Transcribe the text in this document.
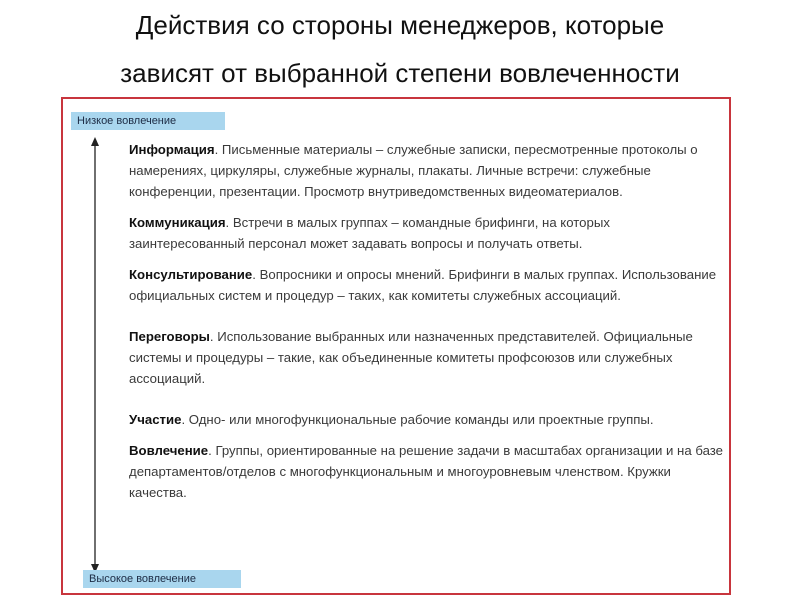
Действия со стороны менеджеров, которые
зависят от выбранной степени вовлеченности
Низкое вовлечение
Информация. Письменные материалы – служебные записки, пересмотренные протоколы о намерениях, циркуляры, служебные журналы, плакаты. Личные встречи: служебные конференции, презентации. Просмотр внутриведомственных видеоматериалов.
Коммуникация. Встречи в малых группах – командные брифинги, на которых заинтересованный персонал может задавать вопросы и получать ответы.
Консультирование. Вопросники и опросы мнений. Брифинги в малых группах. Использование официальных систем и процедур – таких, как комитеты служебных ассоциаций.
Переговоры. Использование выбранных или назначенных представителей. Официальные системы и процедуры – такие, как объединенные комитеты профсоюзов или служебных ассоциаций.
Участие. Одно- или многофункциональные рабочие команды или проектные группы.
Вовлечение. Группы, ориентированные на решение задачи в масштабах организации и на базе департаментов/отделов с многофункциональным и многоуровневым членством. Кружки качества.
Высокое вовлечение
